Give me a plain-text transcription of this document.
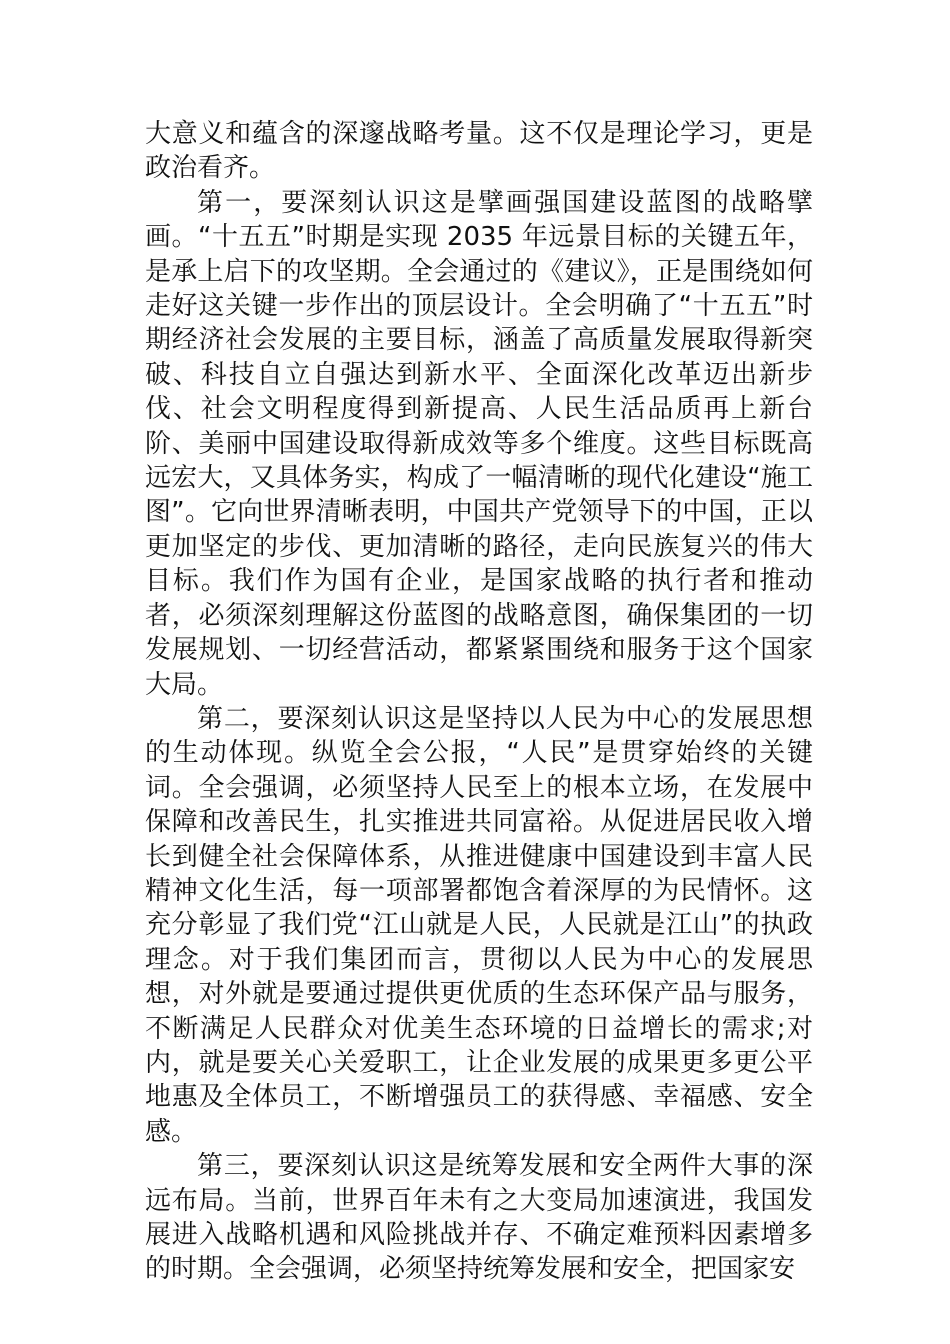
大意义和蕴含的深邃战略考量。这不仅是理论学习，更是政治看齐。

第一，要深刻认识这是擘画强国建设蓝图的战略擘画。“十五五”时期是实现 2035 年远景目标的关键五年，是承上启下的攻坚期。全会通过的《建议》，正是围绕如何走好这关键一步作出的顶层设计。全会明确了“十五五”时期经济社会发展的主要目标，涵盖了高质量发展取得新突破、科技自立自强达到新水平、全面深化改革迈出新步伐、社会文明程度得到新提高、人民生活品质再上新台阶、美丽中国建设取得新成效等多个维度。这些目标既高远宏大，又具体务实，构成了一幅清晰的现代化建设“施工图”。它向世界清晰表明，中国共产党领导下的中国，正以更加坚定的步伐、更加清晰的路径，走向民族复兴的伟大目标。我们作为国有企业，是国家战略的执行者和推动者，必须深刻理解这份蓝图的战略意图，确保集团的一切发展规划、一切经营活动，都紧紧围绕和服务于这个国家大局。

第二，要深刻认识这是坚持以人民为中心的发展思想的生动体现。纵览全会公报，“人民”是贯穿始终的关键词。全会强调，必须坚持人民至上的根本立场，在发展中保障和改善民生，扎实推进共同富裕。从促进居民收入增长到健全社会保障体系，从推进健康中国建设到丰富人民精神文化生活，每一项部署都饱含着深厚的为民情怀。这充分彰显了我们党“江山就是人民，人民就是江山”的执政理念。对于我们集团而言，贯彻以人民为中心的发展思想，对外就是要通过提供更优质的生态环保产品与服务，不断满足人民群众对优美生态环境的日益增长的需求;对内，就是要关心关爱职工，让企业发展的成果更多更公平地惠及全体员工，不断增强员工的获得感、幸福感、安全感。

第三，要深刻认识这是统筹发展和安全两件大事的深远布局。当前，世界百年未有之大变局加速演进，我国发展进入战略机遇和风险挑战并存、不确定难预料因素增多的时期。全会强调，必须坚持统筹发展和安全，把国家安
